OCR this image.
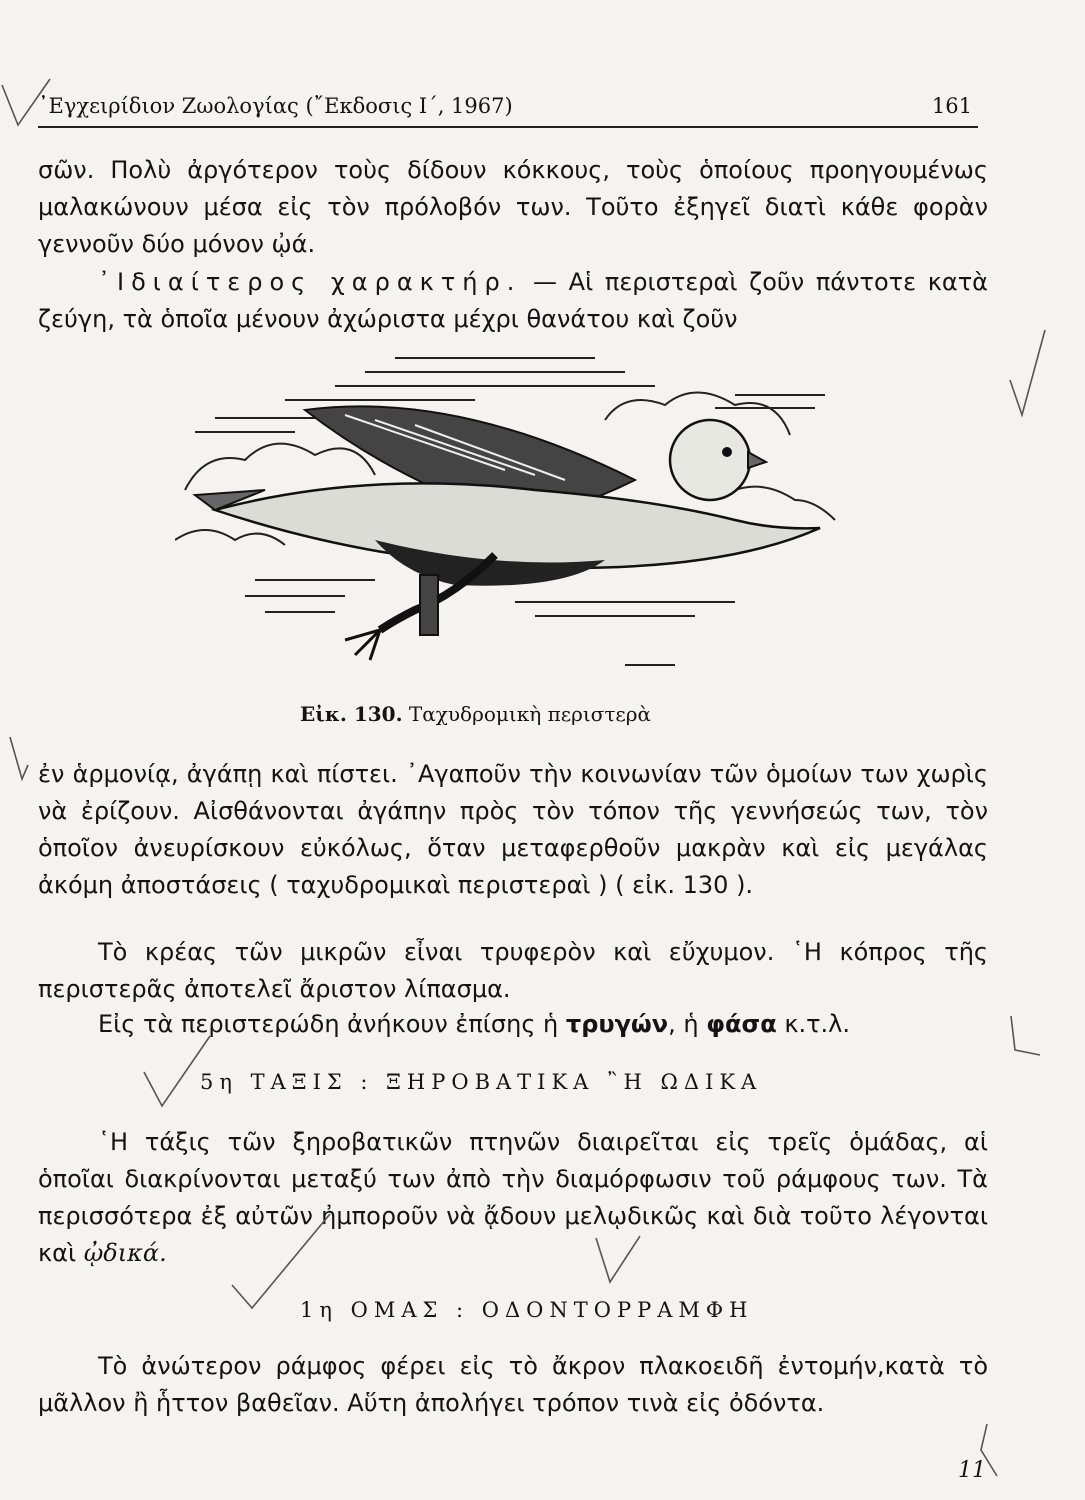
᾿Εγχειρίδιον Ζωολογίας (῎Εκδοσις Ι΄, 1967)	161

σῶν. Πολὺ ἀργότερον τοὺς δίδουν κόκκους, τοὺς ὁποίους προηγουμένως μαλακώνουν μέσα εἰς τὸν πρόλοβόν των. Τοῦτο ἐξηγεῖ διατὶ κάθε φορὰν γεννοῦν δύο μόνον ᾠά.

᾿Ιδιαίτερος χαρακτήρ. — Αἱ περιστεραὶ ζοῦν πάντοτε κατὰ ζεύγη, τὰ ὁποῖα μένουν ἀχώριστα μέχρι θανάτου καὶ ζοῦν

Εἰκ. 130. Ταχυδρομικὴ περιστερὰ

ἐν ἁρμονίᾳ, ἀγάπῃ καὶ πίστει. ᾿Αγαποῦν τὴν κοινωνίαν τῶν ὁμοίων των χωρὶς νὰ ἐρίζουν. Αἰσθάνονται ἀγάπην πρὸς τὸν τόπον τῆς γεννήσεώς των, τὸν ὁποῖον ἀνευρίσκουν εὐκόλως, ὅταν μεταφερθοῦν μακρὰν καὶ εἰς μεγάλας ἀκόμη ἀποστάσεις ( ταχυδρομικαὶ περιστεραὶ ) ( εἰκ. 130 ).

Τὸ κρέας τῶν μικρῶν εἶναι τρυφερὸν καὶ εὔχυμον. ῾Η κόπρος τῆς περιστερᾶς ἀποτελεῖ ἄριστον λίπασμα.

Εἰς τὰ περιστερώδη ἀνήκουν ἐπίσης ἡ τρυγών, ἡ φάσα κ.τ.λ.

5η ΤΑΞΙΣ : ΞΗΡΟΒΑΤΙΚΑ ῍Η ΩΔΙΚΑ

῾Η τάξις τῶν ξηροβατικῶν πτηνῶν διαιρεῖται εἰς τρεῖς ὁμάδας, αἱ ὁποῖαι διακρίνονται μεταξύ των ἀπὸ τὴν διαμόρφωσιν τοῦ ράμφους των. Τὰ περισσότερα ἐξ αὐτῶν ἠμποροῦν νὰ ᾄδουν μελῳδικῶς καὶ διὰ τοῦτο λέγονται καὶ ᾠδικά.

1η ΟΜΑΣ : ΟΔΟΝΤΟΡΡΑΜΦΗ

Τὸ ἀνώτερον ράμφος φέρει εἰς τὸ ἄκρον πλακοειδῆ ἐντομήν,κατὰ τὸ μᾶλλον ἢ ἧττον βαθεῖαν. Αὕτη ἀπολήγει τρόπον τινὰ εἰς ὀδόντα.

11
